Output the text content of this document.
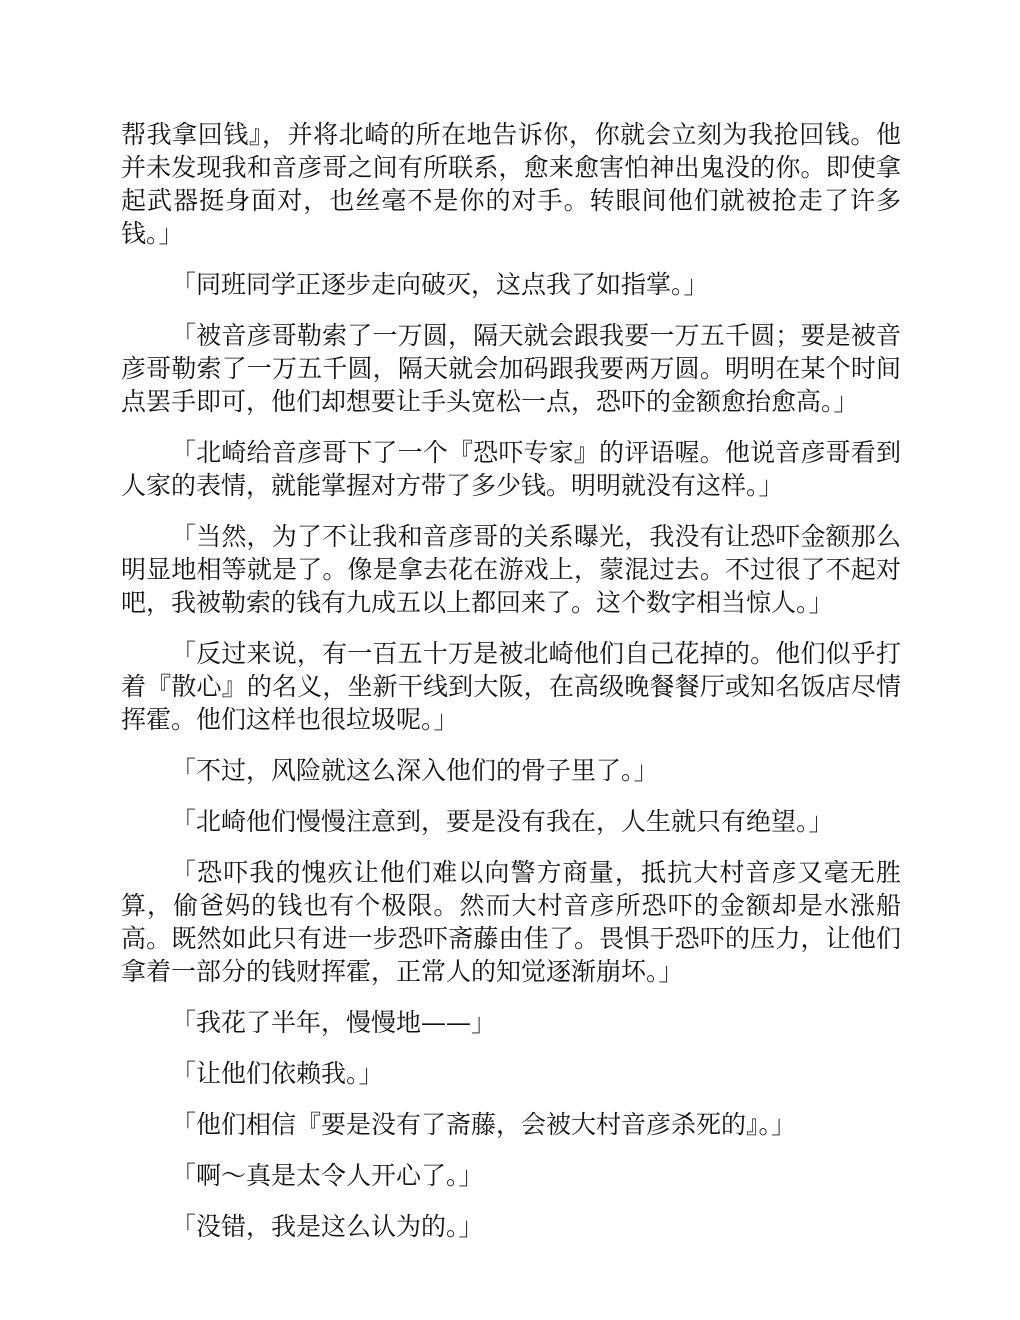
帮我拿回钱』，并将北崎的所在地告诉你，你就会立刻为我抢回钱。他并未发现我和音彦哥之间有所联系，愈来愈害怕神出鬼没的你。即使拿起武器挺身面对，也丝毫不是你的对手。转眼间他们就被抢走了许多钱。」

「同班同学正逐步走向破灭，这点我了如指掌。」

「被音彦哥勒索了一万圆，隔天就会跟我要一万五千圆；要是被音彦哥勒索了一万五千圆，隔天就会加码跟我要两万圆。明明在某个时间点罢手即可，他们却想要让手头宽松一点，恐吓的金额愈抬愈高。」

「北崎给音彦哥下了一个『恐吓专家』的评语喔。他说音彦哥看到人家的表情，就能掌握对方带了多少钱。明明就没有这样。」

「当然，为了不让我和音彦哥的关系曝光，我没有让恐吓金额那么明显地相等就是了。像是拿去花在游戏上，蒙混过去。不过很了不起对吧，我被勒索的钱有九成五以上都回来了。这个数字相当惊人。」

「反过来说，有一百五十万是被北崎他们自己花掉的。他们似乎打着『散心』的名义，坐新干线到大阪，在高级晚餐餐厅或知名饭店尽情挥霍。他们这样也很垃圾呢。」

「不过，风险就这么深入他们的骨子里了。」

「北崎他们慢慢注意到，要是没有我在，人生就只有绝望。」

「恐吓我的愧疚让他们难以向警方商量，抵抗大村音彦又毫无胜算，偷爸妈的钱也有个极限。然而大村音彦所恐吓的金额却是水涨船高。既然如此只有进一步恐吓斋藤由佳了。畏惧于恐吓的压力，让他们拿着一部分的钱财挥霍，正常人的知觉逐渐崩坏。」

「我花了半年，慢慢地——」

「让他们依赖我。」

「他们相信『要是没有了斋藤，会被大村音彦杀死的』。」

「啊～真是太令人开心了。」

「没错，我是这么认为的。」
